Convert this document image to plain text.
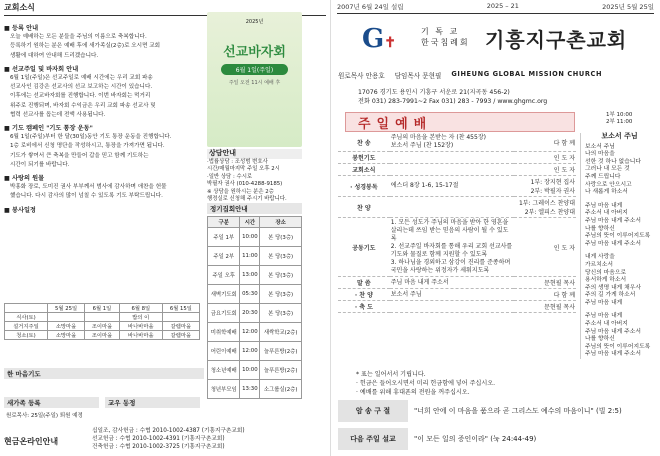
교회소식
■ 등록 안내

오늘 예배하는 모든 분들을 주님의 이름으로 축복합니다.

등록하기 원하는 분은 예배 후에 새가족실(2층)로 오시면 교회

생활에 대하여 안내해 드리겠습니다.

■ 선교주일 및 바자회 안내

6월 1일(주일)은 선교주일로 예배 시간에는 우리 교회 파송

선교사인 김강은 선교사의 선교 보고하는 시간이 있습니다.

이후에는 선교바자회를 진행합니다. 이번 바자회는 먹거리

위주로 진행되며, 바자회 수익금은 우리 교회 파송 선교사 및

협력 선교사를 돕는데 전액 사용됩니다.

■ 기도 캠페인 "기도 통장 운동"

6월 1일(주일)부터 한 달(30일)동안 기도 통장 운동을 진행합니다.

1층 로비에서 신청 명단을 작성하시고, 통장을 가져가면 됩니다.

기도가 쌓여서 큰 축복을 만들어 갑을 믿고 함께 기도하는

시간이 되기를 바랍니다.

■ 사랑의 원물

박홍화 장로, 도미진 권사 부부께서 범사에 감사하며 애찬을 헌물

했습니다. 다시 감사의 많이 넘칠 수 있도록 기도 부탁드립니다.

■ 봉사일정
2025년
선교바자회
6월 1일(주일)
주일 오전 11시 예배 후
상담안내
·법률상담 : 조성범 변호사
시간/매월마지막 주일 오후 2시
·일반 상담 : 수시로
박필자 권사 (010-4288-9185)
※ 상담을 원하시는 분은 2층
행정실로 신청해 주시기 바랍니다.
정기집회안내
구분	시간	장소
주일 1부	10:00	본 당(3층)
주일 2부	11:00	본 당(3층)
주일 오후	13:00	본 당(3층)
새벽기도회	05:30	본 당(3층)
금요기도회	20:30	본 당(3층)
미취학예배	12:00	새싹학교(2층)
어린이예배	12:00	늘푸른방(2층)
청소년예배	10:00	늘푸른방(2층)
청년부모임	13:30	소그룹실(2층)
	5월 25일	6월 1일	6월 8일	6월 15일
식사(토)			밥의 이	
설거지주일	소망마을	조이마을	바나바마을	갈렙마을
청소(토)	소망마을	조이마을	바나바마을	갈렙마을
한 마음기도
새가족 등록	교우 동정
원로목사: 25일(주일) 퇴원 예정
현금온라인안내
십일조, 감사헌금 : 수협 2010-1002-4387 (기흥지구촌교회)
선교헌금 : 수협 2010-1002-4391 (기흥지구촌교회)
건축헌금 : 수협 2010-1002-3725 (기흥지구촌교회)
2007년 6월 24일 설립	2025 – 21	2025년 5월 25일
G✝
기 독 교
한국침례회 기흥지구촌교회
원로목사 안용호 담임목사 문현필 GIHEUNG GLOBAL MISSION CHURCH
17076 경기도 용인시 기흥구 서운로 21(지곡동 456-2)
전화 031) 283-7991~2 Fax 031) 283 - 7993 / www.ghgmc.org
주일예배
1부 10:00
2부 11:00
찬 송	주님의 마음을 본받는 자 (찬 455장)
보소서 주님 (찬 152장)	다 함 께

봉헌기도		인 도 자

교회소식		인 도 자

· 성경봉독	에스더 8장 1-6, 15-17절	1부: 장지현 집사
2부: 박필자 권사

찬 양		1부: 그레이스 찬양대
2부: 엘피스 찬양대

공동기도	1. 모든 성도가 주님의 마음을 받아 한 영혼을 살리는데 쓰임 받는 믿음의 사람이 될 수 있도록
2. 선교주일 바자회를 통해 우리 교회 선교사를 기도와 물질로 함께 지원할 수 있도록
3. 하나님을 경외하고 삼강이 진리를 준종하며 국민을 사랑하는 위정자가 세워지도록	인 도 자

말 씀	주님 마음 내게 주소서	문현필 목사

· 찬 양	보소서 주님	다 함 께

· 축 도		문현필 목사
보소서 주님
보소서 주님
나의 마음을
선한 것 하나 없습니다
그러나 내 모든 것
주께 드립니다
사랑으로 안으시고
나 새롭게 하소서
주님 마음 내게
주소서 내 아버지
주님 마음 내게 주소서
나를 향하신
주님의 뜻이 이루어지도록
주님 마음 내게 주소서
내게 사랑을
가르치소서
당신의 마음으로
용서하게 하소서
주의 생명 내게 채우사
주의 길 가게 하소서
주님 마음 내게
주님 마음 내게
주소서 내 아버지
주님 마음 내게 주소서
나를 향하신
주님의 뜻이 이루어지도록
주님 마음 내게 주소서
* 표는 일어서서 기립니다.
· 헌금은 들어오시면서 미리 헌금함에 넣어 주십시오.
· 예배를 위해 휴대폰의 전원을 꺼주십시오.
암 송 구 절	"너희 안에 이 마음을 품으라 곧 그리스도 예수의 마음이니" (빌 2:5)
다음 주일 설교	"이 모든 일의 증인이라" (눅 24:44-49)
